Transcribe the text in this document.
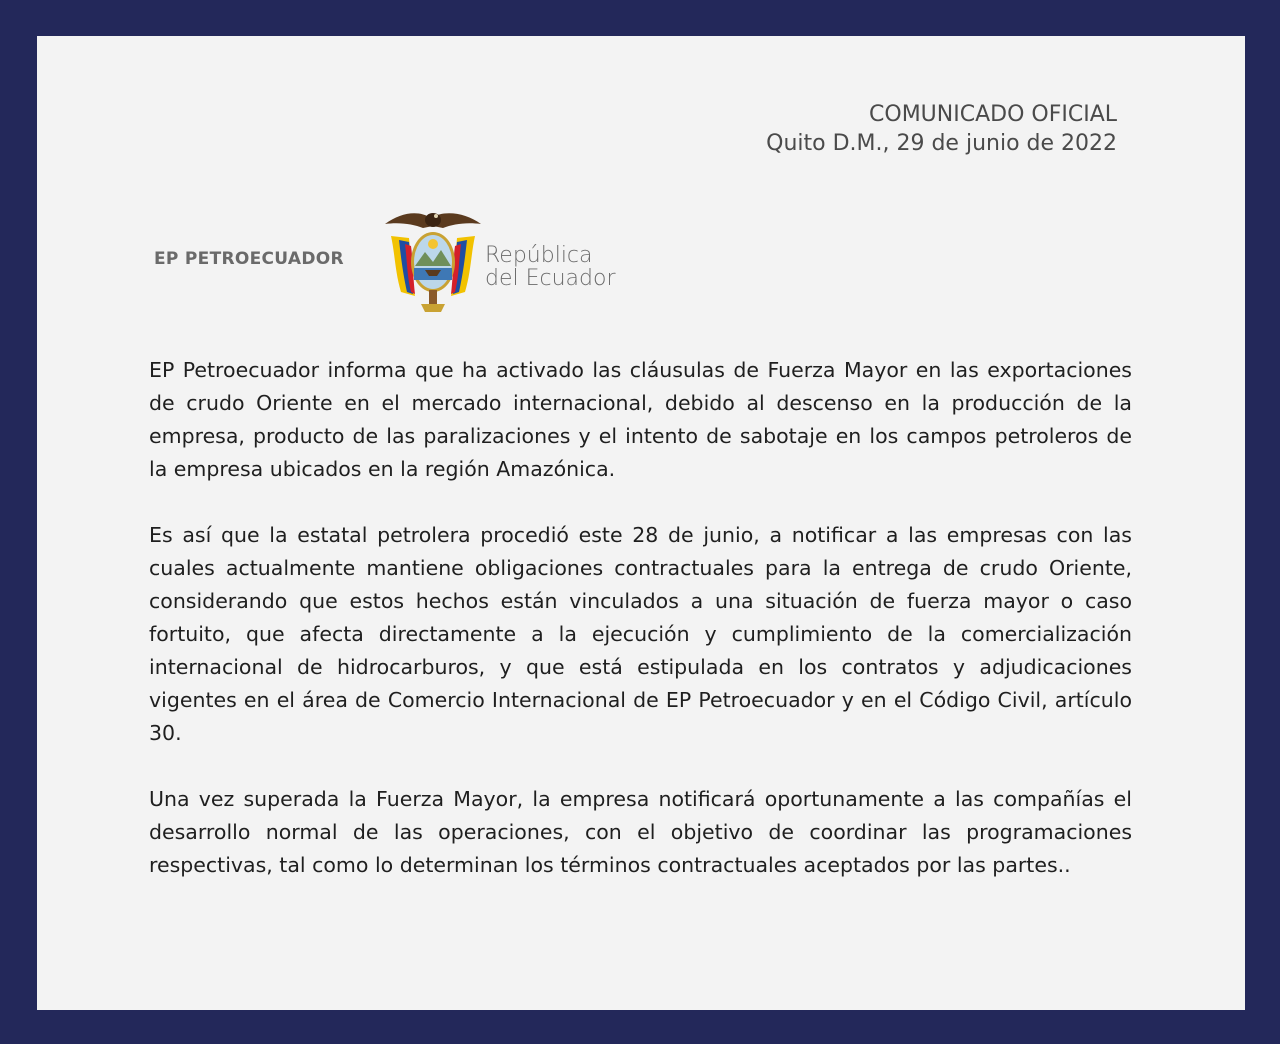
COMUNICADO OFICIAL
Quito D.M., 29 de junio de 2022
EP PETROECUADOR	República
del Ecuador

EP Petroecuador informa que ha activado las cláusulas de Fuerza Mayor en las exportaciones de crudo Oriente en el mercado internacional, debido al descenso en la producción de la empresa, producto de las paralizaciones y el intento de sabotaje en los campos petroleros de la empresa ubicados en la región Amazónica.

Es así que la estatal petrolera procedió este 28 de junio, a notificar a las empresas con las cuales actualmente mantiene obligaciones contractuales para la entrega de crudo Oriente, considerando que estos hechos están vinculados a una situación de fuerza mayor o caso fortuito, que afecta directamente a la ejecución y cumplimiento de la comercialización internacional de hidrocarburos, y que está estipulada en los contratos y adjudicaciones vigentes en el área de Comercio Internacional de EP Petroecuador y en el Código Civil, artículo 30.

Una vez superada la Fuerza Mayor, la empresa notificará oportunamente a las compañías el desarrollo normal de las operaciones, con el objetivo de coordinar las programaciones respectivas, tal como lo determinan los términos contractuales aceptados por las partes..
